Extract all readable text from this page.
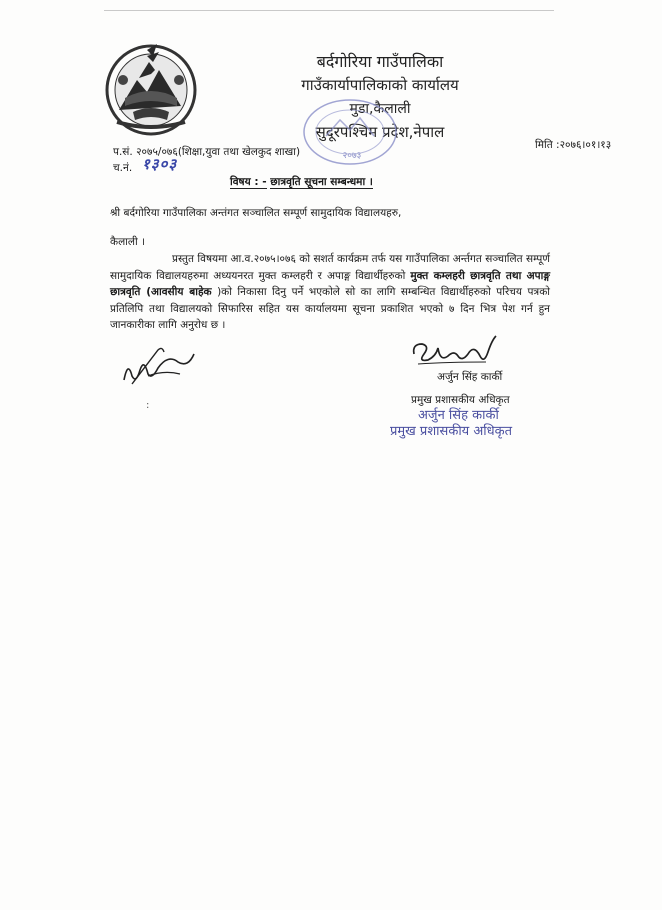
बर्दगोरिया गाउँपालिका
गाउँकार्यापालिकाको कार्यालय
मुडा,कैलाली
सुदूरपश्चिम प्रदेश,नेपाल
२०७३
प.सं. २०७५/०७६(शिक्षा,युवा तथा खेलकुद शाखा)
च.नं. १३०३
मिति :२०७६।०१।१३
विषय : - छात्रवृति सूचना सम्बन्धमा ।
श्री बर्दगोरिया गाउँपालिका अन्तंगत सञ्चालित सम्पूर्ण सामुदायिक विद्यालयहरु,
कैलाली ।
प्रस्तुत विषयमा आ.व.२०७५।०७६ को सशर्त कार्यक्रम तर्फ यस गाउँपालिका अर्न्तगत सञ्चालित सम्पूर्ण सामुदायिक विद्यालयहरुमा अध्ययनरत मुक्त कम्लहरी र अपाङ्ग विद्यार्थीहरुको मुक्त कम्लहरी छात्रवृति तथा अपाङ्ग छात्रवृति (आवसीय बाहेक )को निकासा दिनु पर्ने भएकोले सो का लागि सम्बन्धित विद्यार्थीहरुको परिचय पत्रको प्रतिलिपि तथा विद्यालयको सिफारिस सहित यस कार्यालयमा सूचना प्रकाशित भएको ७ दिन भित्र पेश गर्न हुन जानकारीका लागि अनुरोध छ ।
अर्जुन सिंह कार्की
प्रमुख प्रशासकीय अधिकृत
अर्जुन सिंह कार्की
प्रमुख प्रशासकीय अधिकृत
:
